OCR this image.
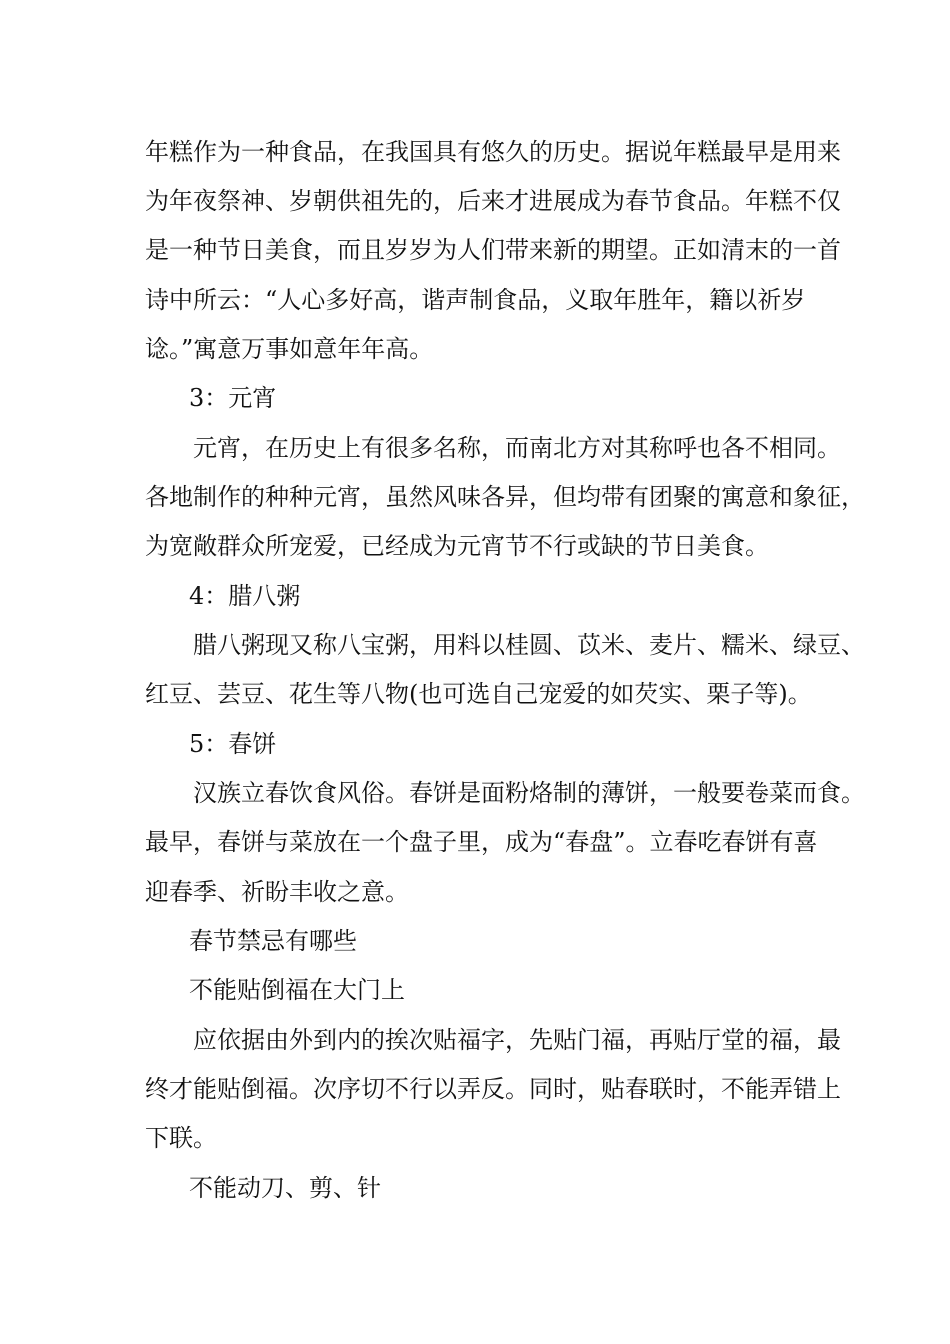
年糕作为一种食品，在我国具有悠久的历史。据说年糕最早是用来
为年夜祭神、岁朝供祖先的，后来才进展成为春节食品。年糕不仅
是一种节日美食，而且岁岁为人们带来新的期望。正如清末的一首
诗中所云：“人心多好高，谐声制食品，义取年胜年，籍以祈岁
谂。”寓意万事如意年年高。
3：元宵
元宵，在历史上有很多名称，而南北方对其称呼也各不相同。
各地制作的种种元宵，虽然风味各异，但均带有团聚的寓意和象征，
为宽敞群众所宠爱，已经成为元宵节不行或缺的节日美食。
4：腊八粥
腊八粥现又称八宝粥，用料以桂圆、苡米、麦片、糯米、绿豆、
红豆、芸豆、花生等八物(也可选自己宠爱的如芡实、栗子等)。
5：春饼
汉族立春饮食风俗。春饼是面粉烙制的薄饼，一般要卷菜而食。
最早，春饼与菜放在一个盘子里，成为“春盘”。立春吃春饼有喜
迎春季、祈盼丰收之意。
春节禁忌有哪些
不能贴倒福在大门上
应依据由外到内的挨次贴福字，先贴门福，再贴厅堂的福，最
终才能贴倒福。次序切不行以弄反。同时，贴春联时，不能弄错上
下联。
不能动刀、剪、针
